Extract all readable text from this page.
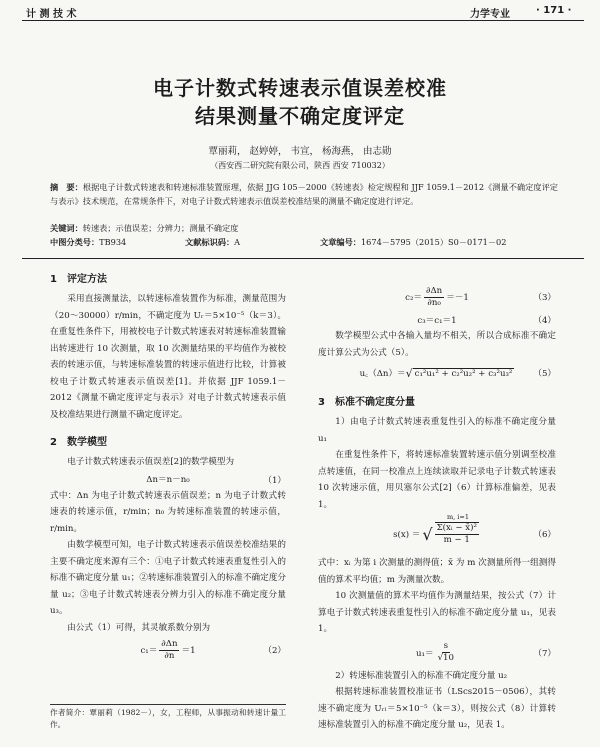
计 测 技 术	力学专业	· 171 ·
电子计数式转速表示值误差校准
结果测量不确定度评定
覃丽莉， 赵婷婷， 韦宣， 杨海燕， 由志勋
（西安西二研究院有限公司，陕西 西安 710032）
摘　要：根据电子计数式转速表和转速标准装置原理，依据 JJG 105－2000《转速表》检定规程和 JJF 1059.1－2012《测量不确定度评定与表示》技术规范，在常规条件下，对电子计数式转速表示值误差校准结果的测量不确定度进行评定。
关键词：转速表；示值误差；分辨力；测量不确定度
中图分类号：TB934	文献标识码：A	文章编号：1674－5795（2015）S0－0171－02
1　评定方法
采用直接测量法，以转速标准装置作为标准，测量范围为（20～30000）r/min，不确定度为 Uᵣ＝5×10⁻⁵（k＝3）。在重复性条件下，用被校电子计数式转速表对转速标准装置输出转速进行 10 次测量，取 10 次测量结果的平均值作为被校表的转速示值，与转速标准装置的转速示值进行比较，计算被校电子计数式转速表示值误差[1]。并依据 JJF 1059.1－2012《测量不确定度评定与表示》对电子计数式转速表示值及校准结果进行测量不确定度评定。
2　数学模型
电子计数式转速表示值误差[2]的数学模型为
Δn＝n－n₀	（1）
式中：Δn 为电子计数式转速表示值误差；n 为电子计数式转速表的转速示值，r/min；n₀ 为转速标准装置的转速示值，r/min。
由数学模型可知，电子计数式转速表示值误差校准结果的主要不确定度来源有三个：①电子计数式转速表重复性引入的标准不确定度分量 u₁；②转速标准装置引入的标准不确定度分量 u₂；③电子计数式转速表分辨力引入的标准不确定度分量 u₃。
由公式（1）可得，其灵敏系数分别为
$c_1= \frac{\partial\Delta n}{\partial n} =1$	（2）
作者简介：覃丽莉（1982－），女，工程师，从事振动和转速计量工作。
$c_2= \frac{\partial\Delta n}{\text{∂n₀}} =-1$	（3）
c₃＝c₁＝1	（4）
数学模型公式中各输入量均不相关，所以合成标准不确定度计算公式为公式（5）。
u꜀（Δn）＝ √ c₁²u₁² + c₂²u₂² + c₃²u₃² （5）
3　标准不确定度分量
1）由电子计数式转速表重复性引入的标准不确定度分量 u₁
在重复性条件下，将转速标准装置转速示值分别调至校准点转速值，在同一校准点上连续读取并记录电子计数式转速表 10 次转速示值，用贝塞尔公式[2]（6）计算标准偏差，见表 1。
s(x) ＝ √ $\frac{\text{Σ(xᵢ − x̄)²}}{m - 1}$
m, i=1
（6）
式中：xᵢ 为第 i 次测量的测得值；x̄ 为 m 次测量所得一组测得值的算术平均值；m 为测量次数。
10 次测量值的算术平均值作为测量结果，按公式（7）计算电子计数式转速表重复性引入的标准不确定度分量 u₁，见表 1。
$u_1= \frac{s}{√10}$	（7）
2）转速标准装置引入的标准不确定度分量 u₂
根据转速标准装置校准证书（LScs2015－0506），其转速不确定度为 Uᵣₗ＝5×10⁻⁵（k＝3），则按公式（8）计算转速标准装置引入的标准不确定度分量 u₂，见表 1。
